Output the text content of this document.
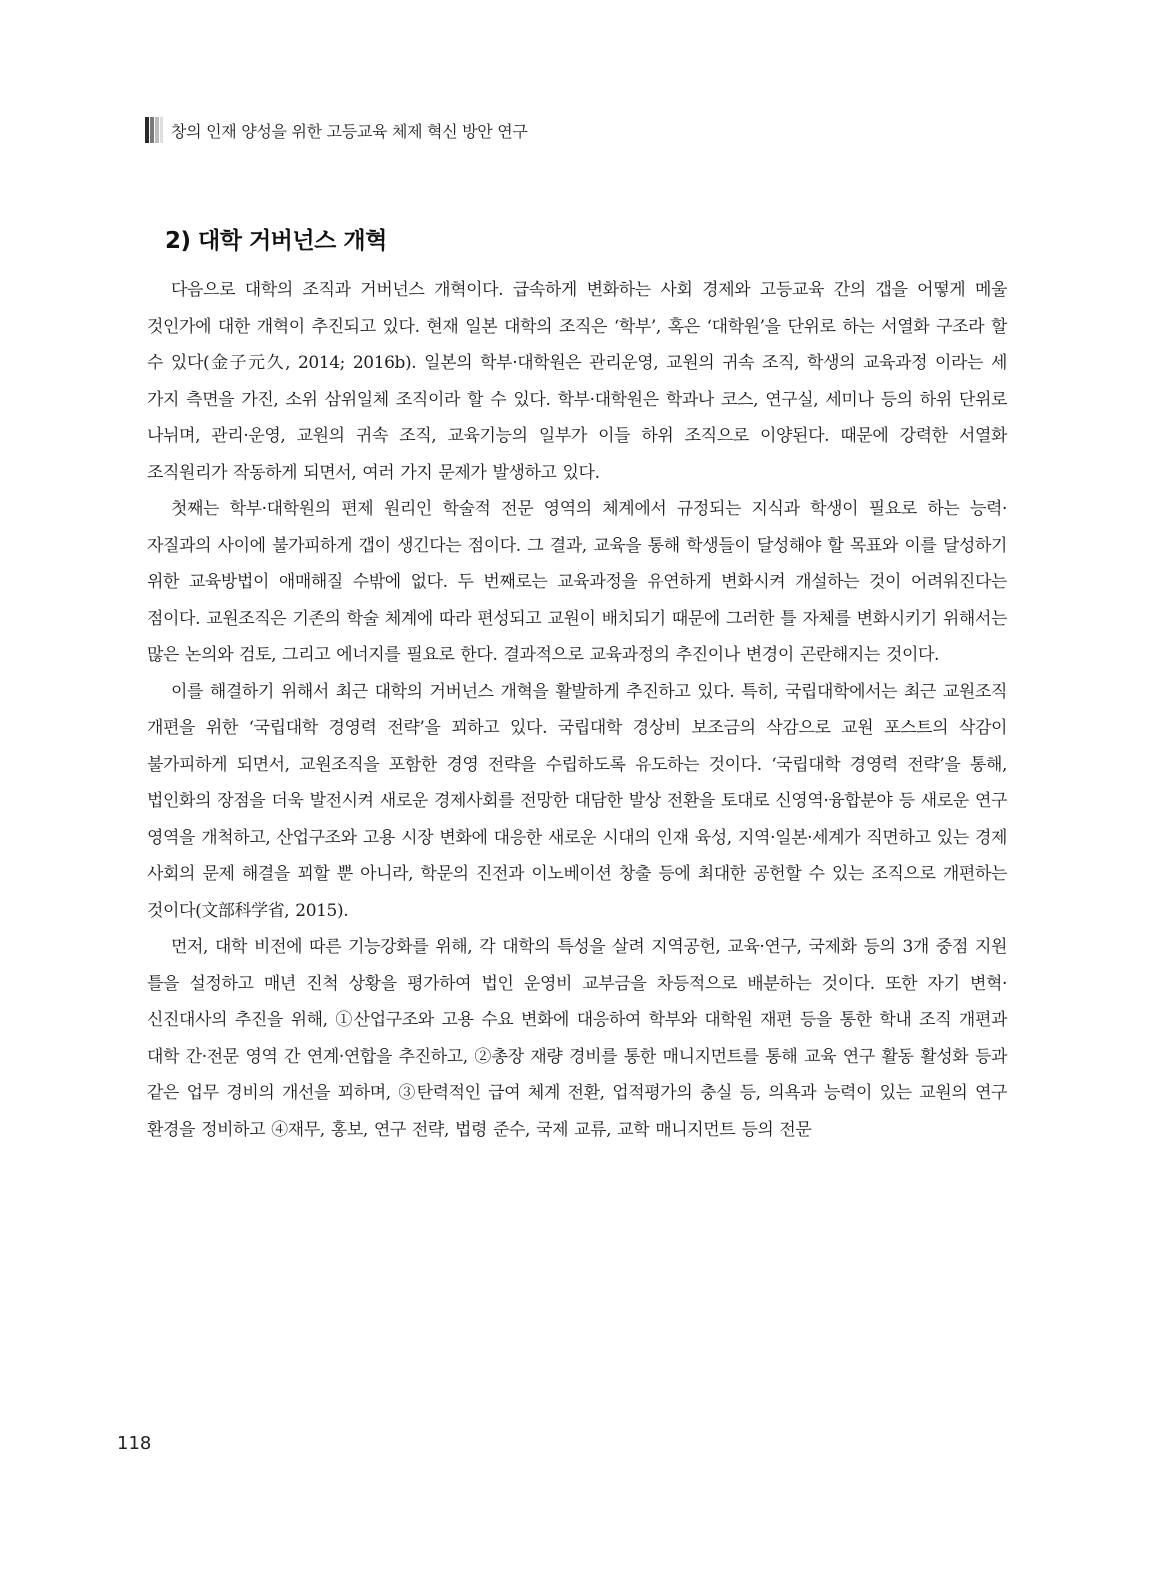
창의 인재 양성을 위한 고등교육 체제 혁신 방안 연구
2) 대학 거버넌스 개혁

다음으로 대학의 조직과 거버넌스 개혁이다. 급속하게 변화하는 사회 경제와 고등교육 간의 갭을 어떻게 메울 것인가에 대한 개혁이 추진되고 있다. 현재 일본 대학의 조직은 ‘학부’, 혹은 ‘대학원’을 단위로 하는 서열화 구조라 할 수 있다(金子元久, 2014; 2016b). 일본의 학부·대학원은 관리운영, 교원의 귀속 조직, 학생의 교육과정 이라는 세 가지 측면을 가진, 소위 삼위일체 조직이라 할 수 있다. 학부·대학원은 학과나 코스, 연구실, 세미나 등의 하위 단위로 나뉘며, 관리·운영, 교원의 귀속 조직, 교육기능의 일부가 이들 하위 조직으로 이양된다. 때문에 강력한 서열화 조직원리가 작동하게 되면서, 여러 가지 문제가 발생하고 있다.

첫째는 학부·대학원의 편제 원리인 학술적 전문 영역의 체계에서 규정되는 지식과 학생이 필요로 하는 능력·자질과의 사이에 불가피하게 갭이 생긴다는 점이다. 그 결과, 교육을 통해 학생들이 달성해야 할 목표와 이를 달성하기 위한 교육방법이 애매해질 수밖에 없다. 두 번째로는 교육과정을 유연하게 변화시켜 개설하는 것이 어려워진다는 점이다. 교원조직은 기존의 학술 체계에 따라 편성되고 교원이 배치되기 때문에 그러한 틀 자체를 변화시키기 위해서는 많은 논의와 검토, 그리고 에너지를 필요로 한다. 결과적으로 교육과정의 추진이나 변경이 곤란해지는 것이다.

이를 해결하기 위해서 최근 대학의 거버넌스 개혁을 활발하게 추진하고 있다. 특히, 국립대학에서는 최근 교원조직 개편을 위한 ‘국립대학 경영력 전략’을 꾀하고 있다. 국립대학 경상비 보조금의 삭감으로 교원 포스트의 삭감이 불가피하게 되면서, 교원조직을 포함한 경영 전략을 수립하도록 유도하는 것이다. ‘국립대학 경영력 전략’을 통해, 법인화의 장점을 더욱 발전시켜 새로운 경제사회를 전망한 대담한 발상 전환을 토대로 신영역·융합분야 등 새로운 연구 영역을 개척하고, 산업구조와 고용 시장 변화에 대응한 새로운 시대의 인재 육성, 지역·일본·세계가 직면하고 있는 경제 사회의 문제 해결을 꾀할 뿐 아니라, 학문의 진전과 이노베이션 창출 등에 최대한 공헌할 수 있는 조직으로 개편하는 것이다(文部科学省, 2015).

먼저, 대학 비전에 따른 기능강화를 위해, 각 대학의 특성을 살려 지역공헌, 교육·연구, 국제화 등의 3개 중점 지원 틀을 설정하고 매년 진척 상황을 평가하여 법인 운영비 교부금을 차등적으로 배분하는 것이다. 또한 자기 변혁·신진대사의 추진을 위해, ①산업구조와 고용 수요 변화에 대응하여 학부와 대학원 재편 등을 통한 학내 조직 개편과 대학 간·전문 영역 간 연계·연합을 추진하고, ②총장 재량 경비를 통한 매니지먼트를 통해 교육 연구 활동 활성화 등과 같은 업무 경비의 개선을 꾀하며, ③탄력적인 급여 체계 전환, 업적평가의 충실 등, 의욕과 능력이 있는 교원의 연구 환경을 정비하고 ④재무, 홍보, 연구 전략, 법령 준수, 국제 교류, 교학 매니지먼트 등의 전문

118
